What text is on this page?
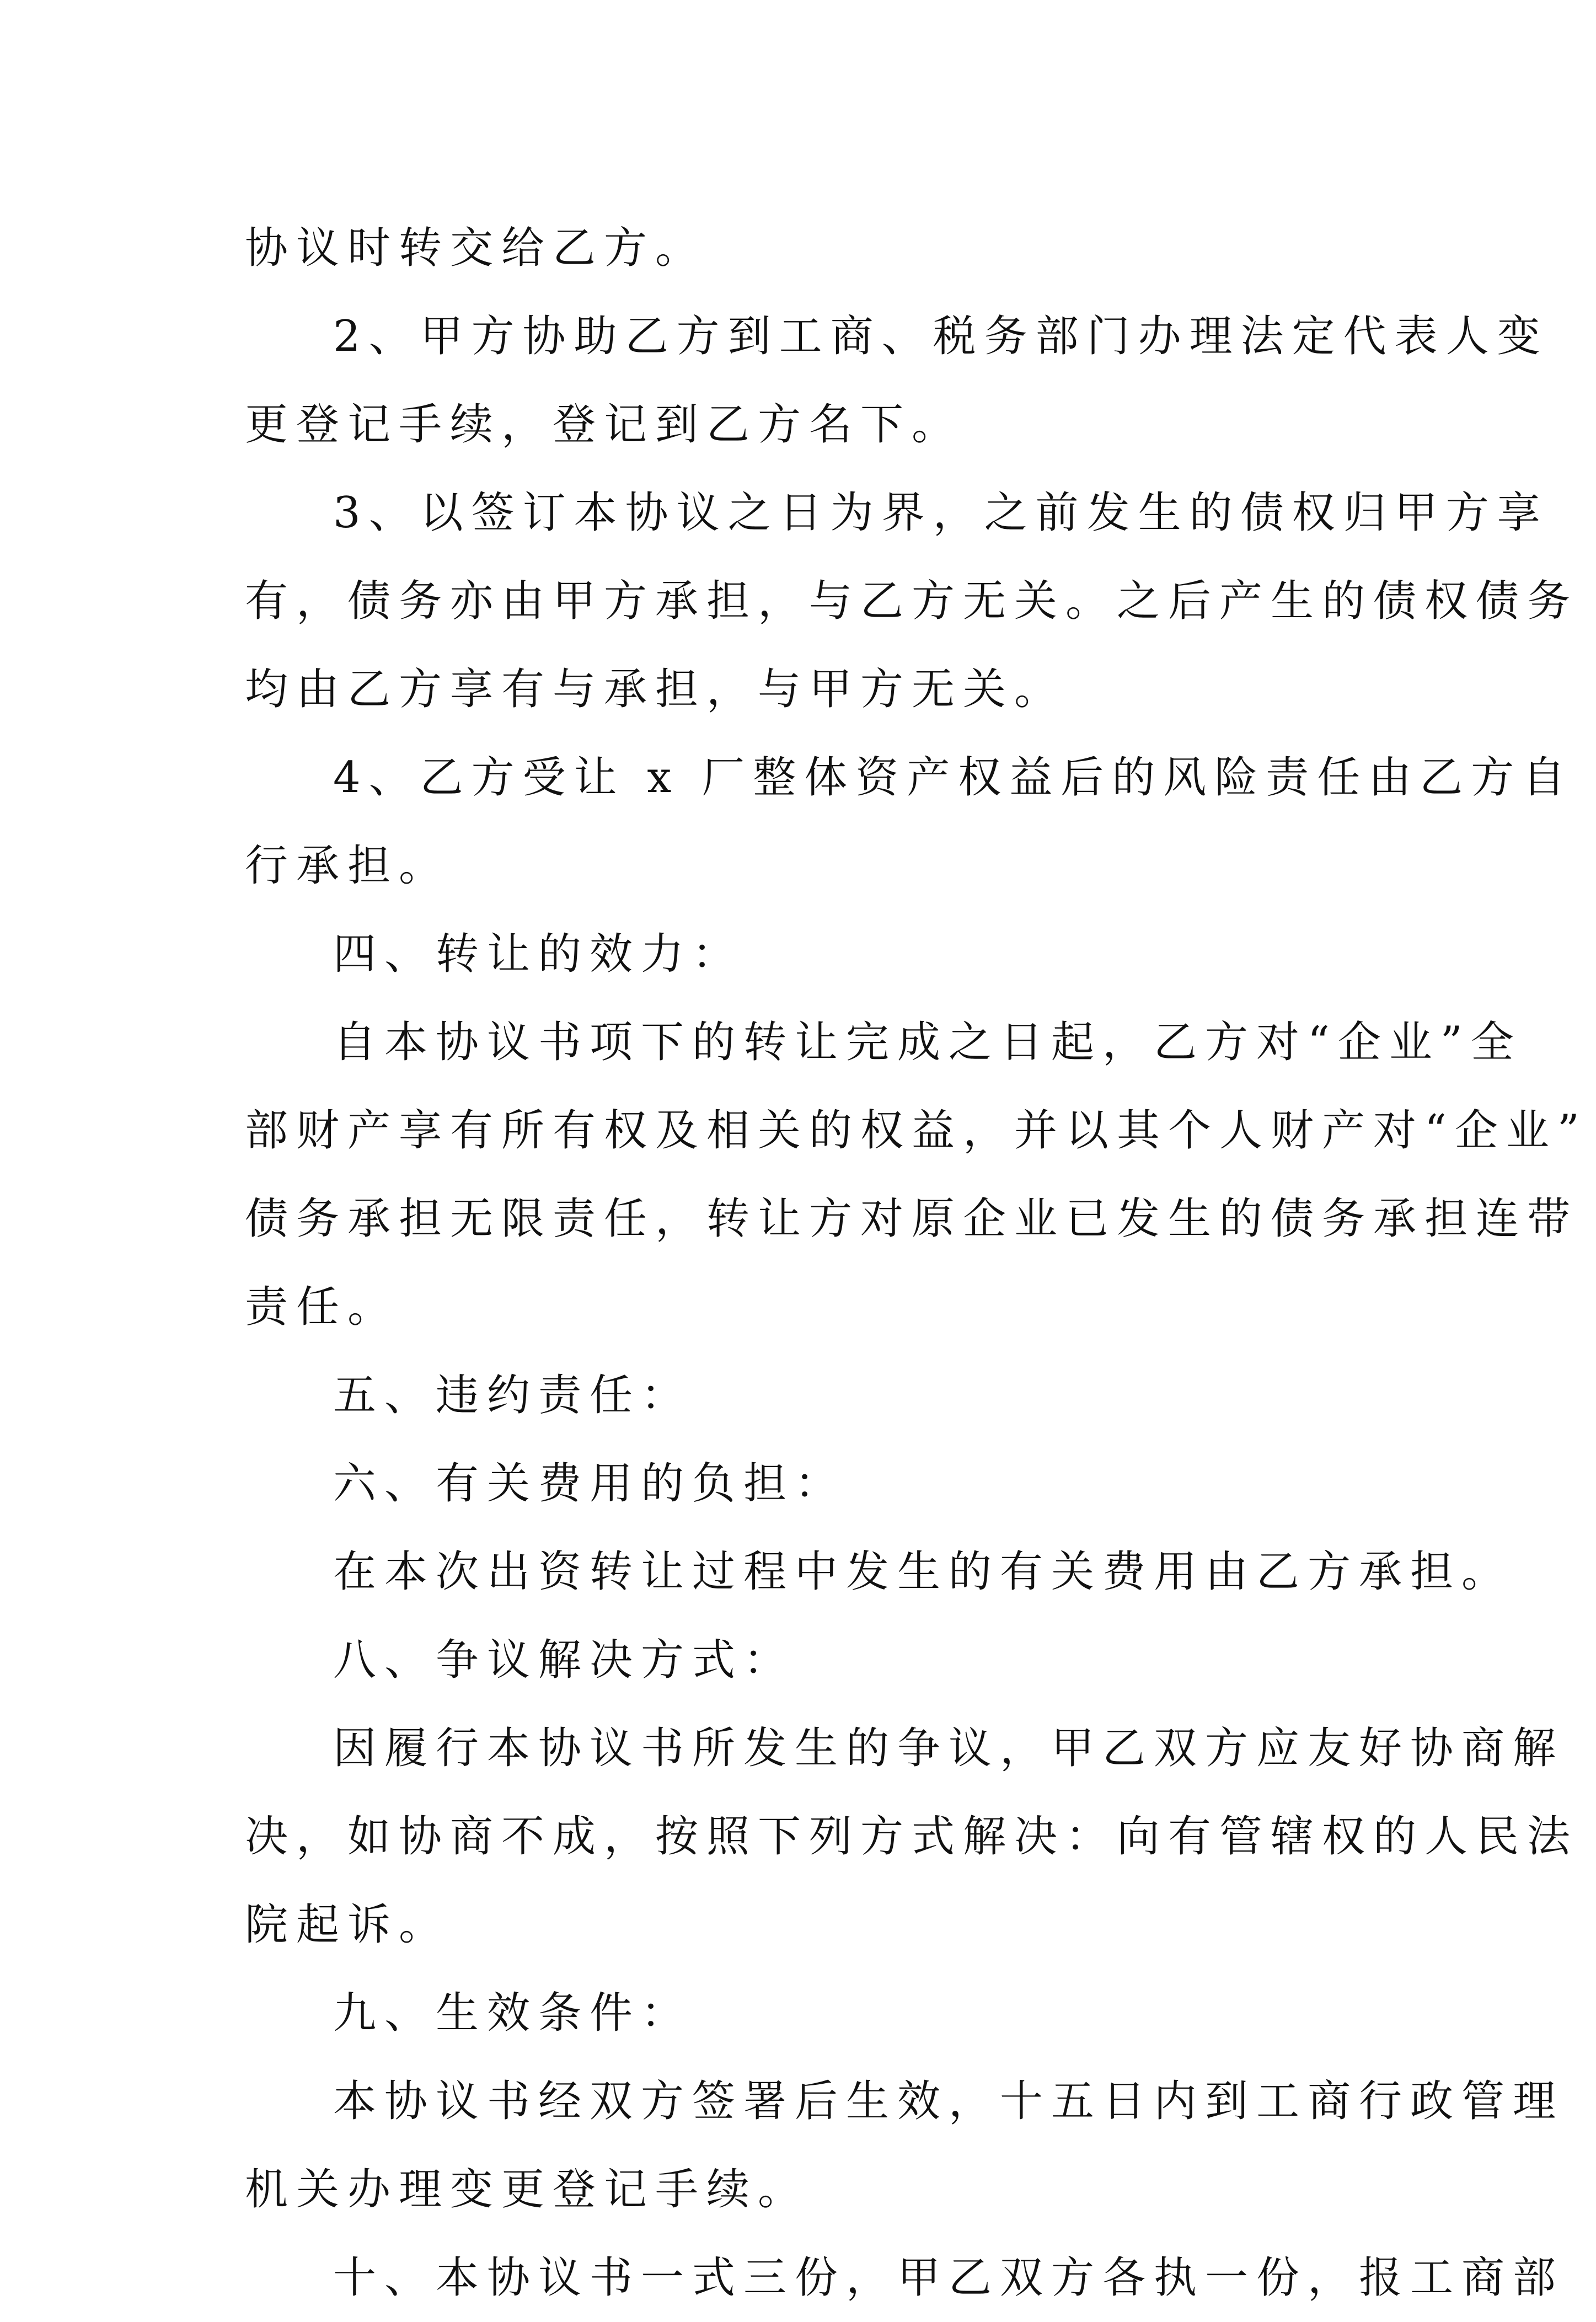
协议时转交给乙方。
2、甲方协助乙方到工商、税务部门办理法定代表人变
更登记手续，登记到乙方名下。
3、以签订本协议之日为界，之前发生的债权归甲方享
有，债务亦由甲方承担，与乙方无关。之后产生的债权债务
均由乙方享有与承担，与甲方无关。
4、乙方受让 x 厂整体资产权益后的风险责任由乙方自
行承担。
四、转让的效力：
自本协议书项下的转让完成之日起，乙方对“企业”全
部财产享有所有权及相关的权益，并以其个人财产对“企业”
债务承担无限责任，转让方对原企业已发生的债务承担连带
责任。
五、违约责任：
六、有关费用的负担：
在本次出资转让过程中发生的有关费用由乙方承担。
八、争议解决方式：
因履行本协议书所发生的争议，甲乙双方应友好协商解
决，如协商不成，按照下列方式解决：向有管辖权的人民法
院起诉。
九、生效条件：
本协议书经双方签署后生效，十五日内到工商行政管理
机关办理变更登记手续。
十、本协议书一式三份，甲乙双方各执一份，报工商部
